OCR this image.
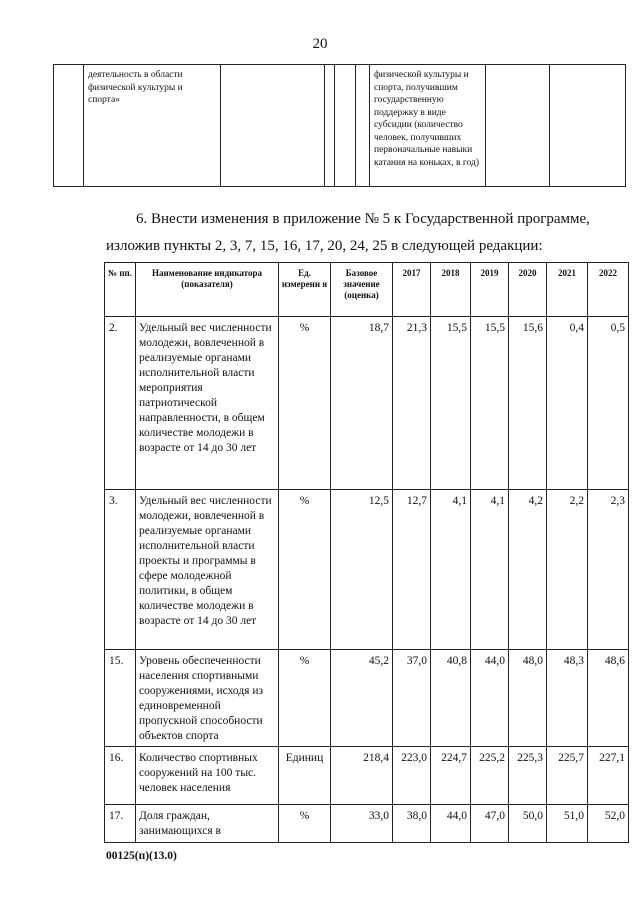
20
	деятельность в области физической культуры и спорта»					физической культуры и спорта, получившим государственную поддержку в виде субсидии (количество человек, получивших первоначальные навыки катания на коньках, в год)		
6. Внести изменения в приложение № 5 к Государственной программе,
изложив пункты 2, 3, 7, 15, 16, 17, 20, 24, 25 в следующей редакции:
№ пп.	Наименование индикатора (показателя)	Ед. измерени я	Базовое значение (оценка)	2017	2018	2019	2020	2021	2022
2.	Удельный вес численности молодежи, вовлеченной в реализуемые органами исполнительной власти мероприятия патриотической направленности, в общем количестве молодежи в возрасте от 14 до 30 лет	%	18,7	21,3	15,5	15,5	15,6	0,4	0,5
3.	Удельный вес численности молодежи, вовлеченной в реализуемые органами исполнительной власти проекты и программы в сфере молодежной политики, в общем количестве молодежи в возрасте от 14 до 30 лет	%	12,5	12,7	4,1	4,1	4,2	2,2	2,3
15.	Уровень обеспеченности населения спортивными сооружениями, исходя из единовременной пропускной способности объектов спорта	%	45,2	37,0	40,8	44,0	48,0	48,3	48,6
16.	Количество спортивных сооружений на 100 тыс. человек населения	Единиц	218,4	223,0	224,7	225,2	225,3	225,7	227,1
17.	Доля граждан, занимающихся в	%	33,0	38,0	44,0	47,0	50,0	51,0	52,0
00125(п)(13.0)
